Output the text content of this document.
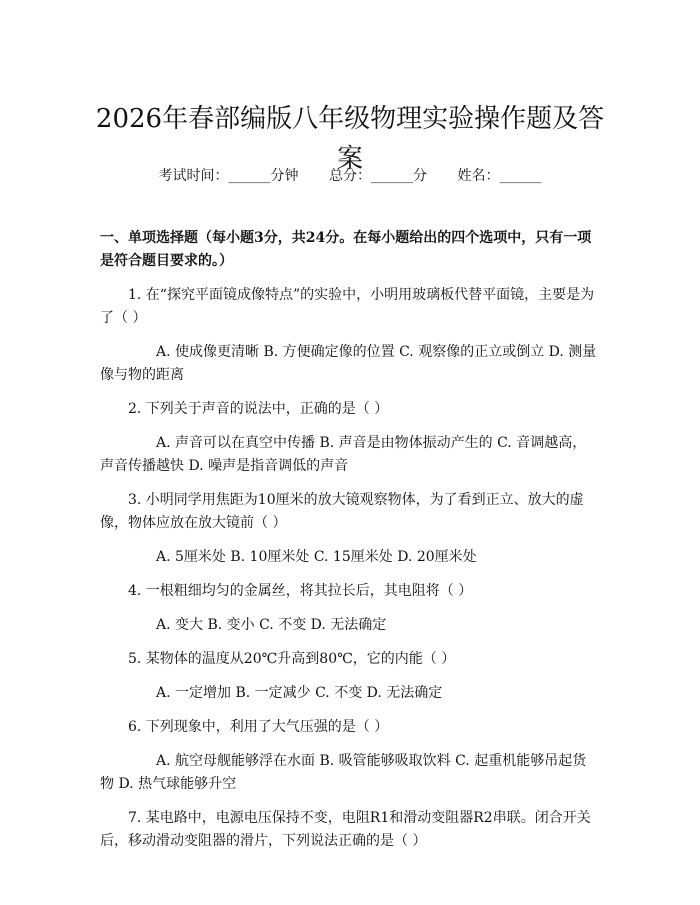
2026年春部编版八年级物理实验操作题及答案
考试时间：______分钟 总分：______分 姓名：______

一、单项选择题（每小题3分，共24分。在每小题给出的四个选项中，只有一项是符合题目要求的。）

1. 在“探究平面镜成像特点”的实验中，小明用玻璃板代替平面镜，主要是为了（ ）

A. 使成像更清晰 B. 方便确定像的位置 C. 观察像的正立或倒立 D. 测量像与物的距离

2. 下列关于声音的说法中，正确的是（ ）

A. 声音可以在真空中传播 B. 声音是由物体振动产生的 C. 音调越高，声音传播越快 D. 噪声是指音调低的声音

3. 小明同学用焦距为10厘米的放大镜观察物体，为了看到正立、放大的虚像，物体应放在放大镜前（ ）

A. 5厘米处 B. 10厘米处 C. 15厘米处 D. 20厘米处

4. 一根粗细均匀的金属丝，将其拉长后，其电阻将（ ）

A. 变大 B. 变小 C. 不变 D. 无法确定

5. 某物体的温度从20℃升高到80℃，它的内能（ ）

A. 一定增加 B. 一定减少 C. 不变 D. 无法确定

6. 下列现象中，利用了大气压强的是（ ）

A. 航空母舰能够浮在水面 B. 吸管能够吸取饮料 C. 起重机能够吊起货物 D. 热气球能够升空

7. 某电路中，电源电压保持不变，电阻R1和滑动变阻器R2串联。闭合开关后，移动滑动变阻器的滑片，下列说法正确的是（ ）
